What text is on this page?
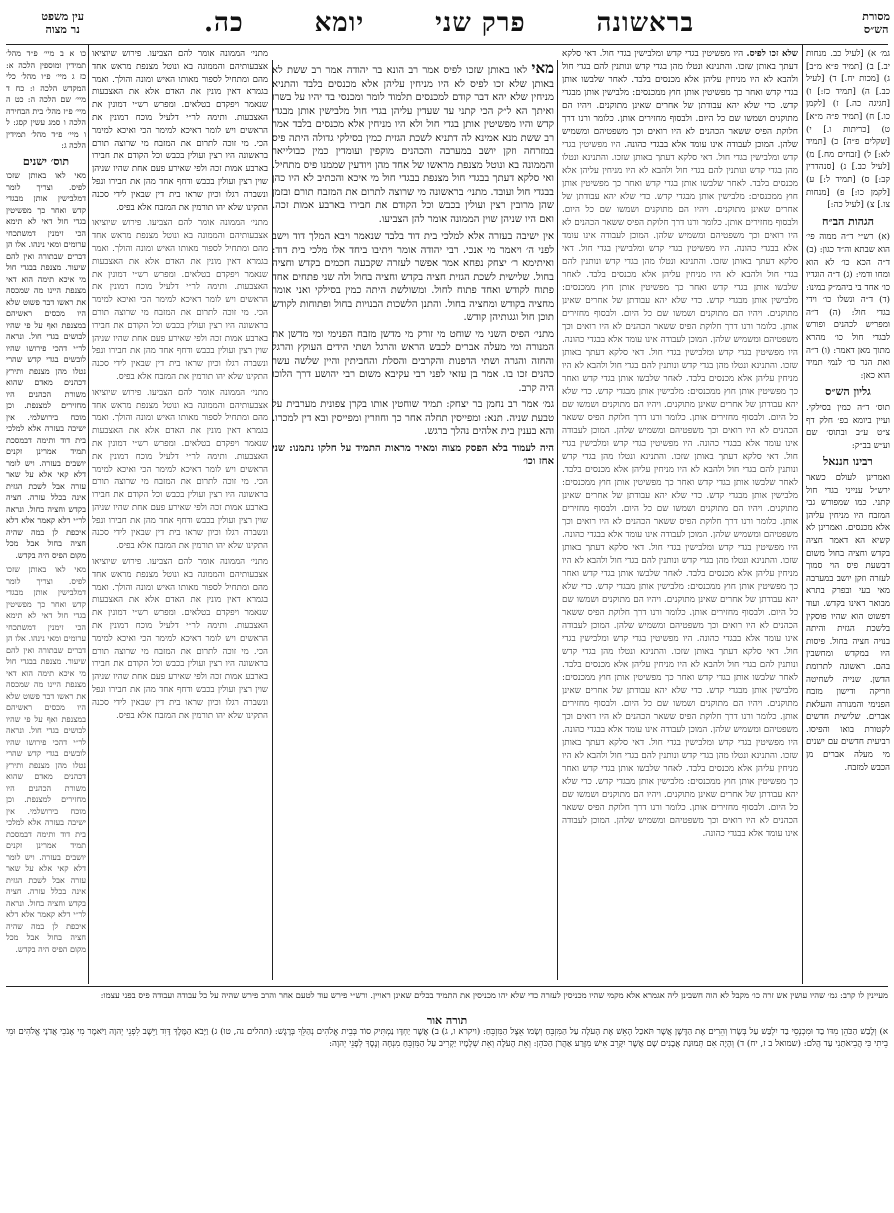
מסורת
הש״ס
בראשונה
פרק שני
יומא
כה.
עין משפט
נר מצוה

גמ׳ א) [לעיל כב. מנחות יב.] ב) [תמיד פ״א מ״ב] ג) [מכות יח.] ד) [לעיל כב.] ה) [תמיד כז:] ו) [חגיגה כה.] ז) [לקמן כו.] ח) [תמיד פ״ה מ״א] ט) [כריתות ו.] י) [שקלים פ״ה] כ) [תמיד לא:] ל) [זבחים מח.] מ) [לעיל כב.] נ) [סנהדרין קב:] ס) [תמיד ל:] ע) [לקמן כו:] פ) [מנחות צו.] צ) [לעיל כה:]

הגהות הב״ח

(א) רש״י ד״ה ממוה פי׳ הוא שבתא וה״ד כגון: (ב) ד״ה הכא כו׳ לא הוא ומחו ודמי: (ג) ד״ה הוגדיו כו׳ אחד בי ביהמ״ק במינו: (ד) ד״ה ונשלו כו׳ וידי בגדי חול: (ה) ד״ה ומפריש לכהנים ופורש לבגדי חול כו׳ מהרא מתוך מאן דאמר: (ו) ד״ה ואת הנר כו׳ לנמי תמיד הוא כאן:

גליון הש״ס

תוס׳ ד״ה כמין בסילקי. ועיין ביומא בפ׳ חלק דף צ״ט ע״ב ובתוס׳ שם וע״ש בב״ק:

רבינו חננאל

ואמרינן לעולם כשאר ירש״ל ענייני בגדי חול קתני. כמו שמפורש גבי המזבח היו מניחין עליהן אלא מכנסים. ואמרינן לא קשיא הא דאמר חציה בקדש וחציה בחול משום דבשעת פיס הוי סמוך לעזרה וזקן יושב במערבה מאי בעי ובפרק בתרא מבואר דאינו בקדש. ועוד דפשוט הוא שהיו פוסקין בלשכת הגזית והיתה בנויה חציה בחול. פיסות היו במקדש ומחשבין בהם. ראשונה לתרומת הדשן. שנייה לשחיטה וזריקה ודישון מזבח הפנימי והמנורה והעלאת אברים. שלישית חדשים לקטורת בואו והפיסו. רביעית חדשים עם ישנים מי מעלה אברים מן הכבש למזבח.

שלא זכו לפיס. היו מפשיטין בגדי קדש ומלבישין בגדי חול. דאי סלקא דעתך באותן שזכו. והתנינא ונטלו מהן בגדי קדש ונותנין להם בגדי חול ולהבא לא היו מניחין עליהן אלא מכנסים בלבד. לאחר שלבשו אותן בגדי קדש ואחר כך מפשיטין אותן חוץ ממכנסים: מלבישין אותן מבגדי קדש. כדי שלא יהא עבודתן של אחרים שאינן מתוקנים. ויהיו הם מתוקנים ושמשו שם כל היום. ולבסוף מחזירים אותן. כלומר ורנו דרך חלוקת הפיס ששאר הכהנים לא היו רואים וכך משפטיהם ומשמיש שלהן. המוכן לעבודה אינו עומד אלא בבגדי כהונה. היו מפשיטין בגדי קדש ומלבישין בגדי חול. דאי סלקא דעתך באותן שזכו. והתנינא ונטלו מהן בגדי קדש ונותנין להם בגדי חול ולהבא לא היו מניחין עליהן אלא מכנסים בלבד. לאחר שלבשו אותן בגדי קדש ואחר כך מפשיטין אותן חוץ ממכנסים: מלבישין אותן מבגדי קדש. כדי שלא יהא עבודתן של אחרים שאינן מתוקנים. ויהיו הם מתוקנים ושמשו שם כל היום. ולבסוף מחזירים אותן. כלומר ורנו דרך חלוקת הפיס ששאר הכהנים לא היו רואים וכך משפטיהם ומשמיש שלהן. המוכן לעבודה אינו עומד אלא בבגדי כהונה. היו מפשיטין בגדי קדש ומלבישין בגדי חול. דאי סלקא דעתך באותן שזכו. והתנינא ונטלו מהן בגדי קדש ונותנין להם בגדי חול ולהבא לא היו מניחין עליהן אלא מכנסים בלבד. לאחר שלבשו אותן בגדי קדש ואחר כך מפשיטין אותן חוץ ממכנסים: מלבישין אותן מבגדי קדש. כדי שלא יהא עבודתן של אחרים שאינן מתוקנים. ויהיו הם מתוקנים ושמשו שם כל היום. ולבסוף מחזירים אותן. כלומר ורנו דרך חלוקת הפיס ששאר הכהנים לא היו רואים וכך משפטיהם ומשמיש שלהן. המוכן לעבודה אינו עומד אלא בבגדי כהונה. היו מפשיטין בגדי קדש ומלבישין בגדי חול. דאי סלקא דעתך באותן שזכו. והתנינא ונטלו מהן בגדי קדש ונותנין להם בגדי חול ולהבא לא היו מניחין עליהן אלא מכנסים בלבד. לאחר שלבשו אותן בגדי קדש ואחר כך מפשיטין אותן חוץ ממכנסים: מלבישין אותן מבגדי קדש. כדי שלא יהא עבודתן של אחרים שאינן מתוקנים. ויהיו הם מתוקנים ושמשו שם כל היום. ולבסוף מחזירים אותן. כלומר ורנו דרך חלוקת הפיס ששאר הכהנים לא היו רואים וכך משפטיהם ומשמיש שלהן. המוכן לעבודה אינו עומד אלא בבגדי כהונה. היו מפשיטין בגדי קדש ומלבישין בגדי חול. דאי סלקא דעתך באותן שזכו. והתנינא ונטלו מהן בגדי קדש ונותנין להם בגדי חול ולהבא לא היו מניחין עליהן אלא מכנסים בלבד. לאחר שלבשו אותן בגדי קדש ואחר כך מפשיטין אותן חוץ ממכנסים: מלבישין אותן מבגדי קדש. כדי שלא יהא עבודתן של אחרים שאינן מתוקנים. ויהיו הם מתוקנים ושמשו שם כל היום. ולבסוף מחזירים אותן. כלומר ורנו דרך חלוקת הפיס ששאר הכהנים לא היו רואים וכך משפטיהם ומשמיש שלהן. המוכן לעבודה אינו עומד אלא בבגדי כהונה. היו מפשיטין בגדי קדש ומלבישין בגדי חול. דאי סלקא דעתך באותן שזכו. והתנינא ונטלו מהן בגדי קדש ונותנין להם בגדי חול ולהבא לא היו מניחין עליהן אלא מכנסים בלבד. לאחר שלבשו אותן בגדי קדש ואחר כך מפשיטין אותן חוץ ממכנסים: מלבישין אותן מבגדי קדש. כדי שלא יהא עבודתן של אחרים שאינן מתוקנים. ויהיו הם מתוקנים ושמשו שם כל היום. ולבסוף מחזירים אותן. כלומר ורנו דרך חלוקת הפיס ששאר הכהנים לא היו רואים וכך משפטיהם ומשמיש שלהן. המוכן לעבודה אינו עומד אלא בבגדי כהונה. היו מפשיטין בגדי קדש ומלבישין בגדי חול. דאי סלקא דעתך באותן שזכו. והתנינא ונטלו מהן בגדי קדש ונותנין להם בגדי חול ולהבא לא היו מניחין עליהן אלא מכנסים בלבד. לאחר שלבשו אותן בגדי קדש ואחר כך מפשיטין אותן חוץ ממכנסים: מלבישין אותן מבגדי קדש. כדי שלא יהא עבודתן של אחרים שאינן מתוקנים. ויהיו הם מתוקנים ושמשו שם כל היום. ולבסוף מחזירים אותן. כלומר ורנו דרך חלוקת הפיס ששאר הכהנים לא היו רואים וכך משפטיהם ומשמיש שלהן. המוכן לעבודה אינו עומד אלא בבגדי כהונה. היו מפשיטין בגדי קדש ומלבישין בגדי חול. דאי סלקא דעתך באותן שזכו. והתנינא ונטלו מהן בגדי קדש ונותנין להם בגדי חול ולהבא לא היו מניחין עליהן אלא מכנסים בלבד. לאחר שלבשו אותן בגדי קדש ואחר כך מפשיטין אותן חוץ ממכנסים: מלבישין אותן מבגדי קדש. כדי שלא יהא עבודתן של אחרים שאינן מתוקנים. ויהיו הם מתוקנים ושמשו שם כל היום. ולבסוף מחזירים אותן. כלומר ורנו דרך חלוקת הפיס ששאר הכהנים לא היו רואים וכך משפטיהם ומשמיש שלהן. המוכן לעבודה אינו עומד אלא בבגדי כהונה.
מאי לאו באותן שזכו לפיס אמר רב הונא בר יהודה אמר רב ששת לא באותן שלא זכו לפיס לא היו מניחין עליהן אלא מכנסים בלבד והתניא מניחין שלא יהא דבר קודם למכנסים תלמוד לומר ומכנסי בד יהיו על בשרו ואיתך הא ל״ק הכי קתני עד שעדין עליהן בגדי חול מלבישין אותן מבגדי קדש והיו מפשיטין אותן בגדי חול ולא היו מניחין אלא מכנסים בלבד אמר רב ששת מנא אמינא לה דתניא לשכת הגזית כמין בסילקי גדולה היתה פיס במזרחה וזקן יושב במערבה והכהנים מוקפין ועומדין כמין כבולייאר והממונה בא ונוטל מצנפת מראשו של אחד מהן ויודעין שממנו פיס מתחיל. ואי סלקא דעתך בבגדי חול מצנפת בבגדי חול מי איכא והכתיב לא היו כהן בבגדי חול ועובד. מתני׳ בראשונה מי שרוצה לתרום את המזבח תורם ובזמן שהן מרובין רצין ועולין בכבש וכל הקודם את חבירו בארבע אמות זכה. ואם היו שניהן שוין הממונה אומר להן הצביעו.

אין ישיבה בעזרה אלא למלכי בית דוד בלבד שנאמר ויבא המלך דוד וישב לפני ה׳ ויאמר מי אנכי. רבי יהודה אומר ויתיבו ביחד אלו מלכי בית דוד: ואיתימא ר׳ יצחק נפחא אמר אפשר לעזרה שקבעה חכמים בקדש וחציה בחול. שלישית לשכת הגזית חציה בקדש וחציה בחול ולה שני פתחים אחד פתוח לקודש ואחד פתוח לחול. ומשולשת היתה כמין בסילקי ואני אומר מחציה בקודש ומחציה בחול. והתנן הלשכות הבנויות בחול ופתוחות לקודש תוכן חול וגגותיהן קודש.

מתני׳ הפיס השני מי שוחט מי זורק מי מדשן מזבח הפנימי ומי מדשן את המנורה ומי מעלה אברים לכבש הראש והרגל ושתי הידים העוקץ והרגל והחזה והגרה ושתי הדפנות והקרבים והסלת והחביתין והיין שלשה עשר כהנים זכו בו. אמר בן עזאי לפני רבי עקיבא משום רבי יהושע דרך הלוכו היה קרב.

גמ׳ אמר רב נחמן בר יצחק: תמיד שוחטין אותו בקרן צפונית מערבית על טבעת שניה. תנא: ומפייסין תחלה אחר כך וחוזרין ומפייסין ובא דין למכרו. והא בענין בית אלהים נהלך ברגש.

היה לעמוד בלא הפסק מצוה ומאיר מראות התמיד על חלקו נתמנו: שני אחז וכו׳

מתני׳ הממונה אומר להם הצביעו. פירוש שיוציאו אצבעותיהם והממונה בא ונוטל מצנפת מראש אחד מהם ומתחיל לספור מאותו האיש ומונה והולך. ואמר בגמרא דאין מונין את האדם אלא את האצבעות שנאמר ויפקדם בטלאים. ומפרש רש״י דמונין את האצבעות. ותימה לר״י דלעיל מוכח דמונין את הראשים ויש לומר דאיכא למימר הכי ואיכא למימר הכי. מי זוכה לתרום את המזבח מי שרוצה תורם בראשונה היו רצין ועולין בכבש וכל הקודם את חבירו בארבע אמות זכה ולפי שאירע פעם אחת שהיו שניהן שוין רצין ועולין בכבש ודחף אחד מהן את חבירו ונפל ונשברה רגלו וכיון שראו בית דין שבאין לידי סכנה התקינו שלא יהו תורמין את המזבח אלא בפיס.

מתני׳ הממונה אומר להם הצביעו. פירוש שיוציאו אצבעותיהם והממונה בא ונוטל מצנפת מראש אחד מהם ומתחיל לספור מאותו האיש ומונה והולך. ואמר בגמרא דאין מונין את האדם אלא את האצבעות שנאמר ויפקדם בטלאים. ומפרש רש״י דמונין את האצבעות. ותימה לר״י דלעיל מוכח דמונין את הראשים ויש לומר דאיכא למימר הכי ואיכא למימר הכי. מי זוכה לתרום את המזבח מי שרוצה תורם בראשונה היו רצין ועולין בכבש וכל הקודם את חבירו בארבע אמות זכה ולפי שאירע פעם אחת שהיו שניהן שוין רצין ועולין בכבש ודחף אחד מהן את חבירו ונפל ונשברה רגלו וכיון שראו בית דין שבאין לידי סכנה התקינו שלא יהו תורמין את המזבח אלא בפיס.

מתני׳ הממונה אומר להם הצביעו. פירוש שיוציאו אצבעותיהם והממונה בא ונוטל מצנפת מראש אחד מהם ומתחיל לספור מאותו האיש ומונה והולך. ואמר בגמרא דאין מונין את האדם אלא את האצבעות שנאמר ויפקדם בטלאים. ומפרש רש״י דמונין את האצבעות. ותימה לר״י דלעיל מוכח דמונין את הראשים ויש לומר דאיכא למימר הכי ואיכא למימר הכי. מי זוכה לתרום את המזבח מי שרוצה תורם בראשונה היו רצין ועולין בכבש וכל הקודם את חבירו בארבע אמות זכה ולפי שאירע פעם אחת שהיו שניהן שוין רצין ועולין בכבש ודחף אחד מהן את חבירו ונפל ונשברה רגלו וכיון שראו בית דין שבאין לידי סכנה התקינו שלא יהו תורמין את המזבח אלא בפיס.

מתני׳ הממונה אומר להם הצביעו. פירוש שיוציאו אצבעותיהם והממונה בא ונוטל מצנפת מראש אחד מהם ומתחיל לספור מאותו האיש ומונה והולך. ואמר בגמרא דאין מונין את האדם אלא את האצבעות שנאמר ויפקדם בטלאים. ומפרש רש״י דמונין את האצבעות. ותימה לר״י דלעיל מוכח דמונין את הראשים ויש לומר דאיכא למימר הכי ואיכא למימר הכי. מי זוכה לתרום את המזבח מי שרוצה תורם בראשונה היו רצין ועולין בכבש וכל הקודם את חבירו בארבע אמות זכה ולפי שאירע פעם אחת שהיו שניהן שוין רצין ועולין בכבש ודחף אחד מהן את חבירו ונפל ונשברה רגלו וכיון שראו בית דין שבאין לידי סכנה התקינו שלא יהו תורמין את המזבח אלא בפיס.

כו א ב מיי׳ פ״ד מהל׳ תמידין ומוספין הלכה א: כז ג מיי׳ פ״ו מהל׳ כלי המקדש הלכה ו: כח ד מיי׳ שם הלכה ה: כט ה מיי׳ פ״ז מהל׳ בית הבחירה הלכה ו סמג עשין קסג: ל ו מיי׳ פ״ד מהל׳ תמידין הלכה ג:

תוס׳ ישנים

מאי לאו באותן שזכו לפיס. וצריך לומר דמלבישין אותן מבגדי קדש ואחר כך מפשיטין בגדי חול דאי לא תימא הכי זימנין דמשתכחי ערומים ומאי נינהו. אלו הן דברים שבתורה ואין להם שיעור. מצנפת בבגדי חול מי איכא תימה הוא דאי מצנפת היינו מה שמכסה את ראשו דבר פשוט שלא היו מכסים ראשיהם במצנפת ואף על פי שהיו לבושים בגדי חול. ונראה לר״י דהכי פירושו שהיו לובשים בגדי קדש שהרי נטלו מהן מצנפת ותירץ דכהנים מאדם שהוא משורת הכהנים היו מחזירים למצנפת. וכן מוכח בירושלמי. אין ישיבה בעזרה אלא למלכי בית דוד ותימה דבמסכת תמיד אמרינן זקנים יושבים בעזרה. ויש לומר דלא קאי אלא על שאר עזרה אבל לשכת הגזית אינה בכלל עזרה. חציה בקדש וחציה בחול. ונראה לר״י דלא קאמר אלא דלא איכפת לן במה שהיה חציה בחול אבל מכל מקום הפיס היה בקדש.

מאי לאו באותן שזכו לפיס. וצריך לומר דמלבישין אותן מבגדי קדש ואחר כך מפשיטין בגדי חול דאי לא תימא הכי זימנין דמשתכחי ערומים ומאי נינהו. אלו הן דברים שבתורה ואין להם שיעור. מצנפת בבגדי חול מי איכא תימה הוא דאי מצנפת היינו מה שמכסה את ראשו דבר פשוט שלא היו מכסים ראשיהם במצנפת ואף על פי שהיו לבושים בגדי חול. ונראה לר״י דהכי פירושו שהיו לובשים בגדי קדש שהרי נטלו מהן מצנפת ותירץ דכהנים מאדם שהוא משורת הכהנים היו מחזירים למצנפת. וכן מוכח בירושלמי. אין ישיבה בעזרה אלא למלכי בית דוד ותימה דבמסכת תמיד אמרינן זקנים יושבים בעזרה. ויש לומר דלא קאי אלא על שאר עזרה אבל לשכת הגזית אינה בכלל עזרה. חציה בקדש וחציה בחול. ונראה לר״י דלא קאמר אלא דלא איכפת לן במה שהיה חציה בחול אבל מכל מקום הפיס היה בקדש.

מעיינין לו קרב: גמ׳ שהיו עושין אש זרה כו׳ מקבל לא הוה חשבינן ליה אגמרא אלא מקמי שהיו מכניסין לעזרה כדי שלא יהו מכניסין את התמיד בכלים שאינן ראויין. ורש״י פירש עוד לטעם אחר והרב פירש שהיה על כל עבודה ועבודה פיס בפני עצמו:
תורה אור
א) וְלָבַשׁ הַכֹּהֵן מִדּוֹ בַד וּמִכְנְסֵי בַד יִלְבַּשׁ עַל בְּשָׂרוֹ וְהֵרִים אֶת הַדֶּשֶׁן אֲשֶׁר תֹּאכַל הָאֵשׁ אֶת הָעֹלָה עַל הַמִּזְבֵּחַ וְשָׂמוֹ אֵצֶל הַמִּזְבֵּחַ: (ויקרא ו, ג) ב) אֲשֶׁר יַחְדָּו נַמְתִּיק סוֹד בְּבֵית אֱלֹהִים נְהַלֵּךְ בְּרָגֶשׁ: (תהלים נה, טו) ג) וַיָּבֹא הַמֶּלֶךְ דָּוִד וַיֵּשֶׁב לִפְנֵי יְהוָה וַיֹּאמֶר מִי אָנֹכִי אֲדֹנָי אֱלֹהִים וּמִי בֵיתִי כִּי הֲבִיאֹתַנִי עַד הֲלֹם: (שמואל ב ז, יח) ד) וְהָיָה אִם תְּמוּנַת אֲבָנִים שָׁם אֲשֶׁר יִקָּרֵב אִישׁ מִזֶּרַע אַהֲרֹן הַכֹּהֵן: וְאֵת הָעֹלָה וְאֵת שְׁלָמָיו יַקְרִיב עַל הַמִּזְבֵּחַ מִנְחָה וְנֶסֶךְ לְפָנֵי יְהוָה:
